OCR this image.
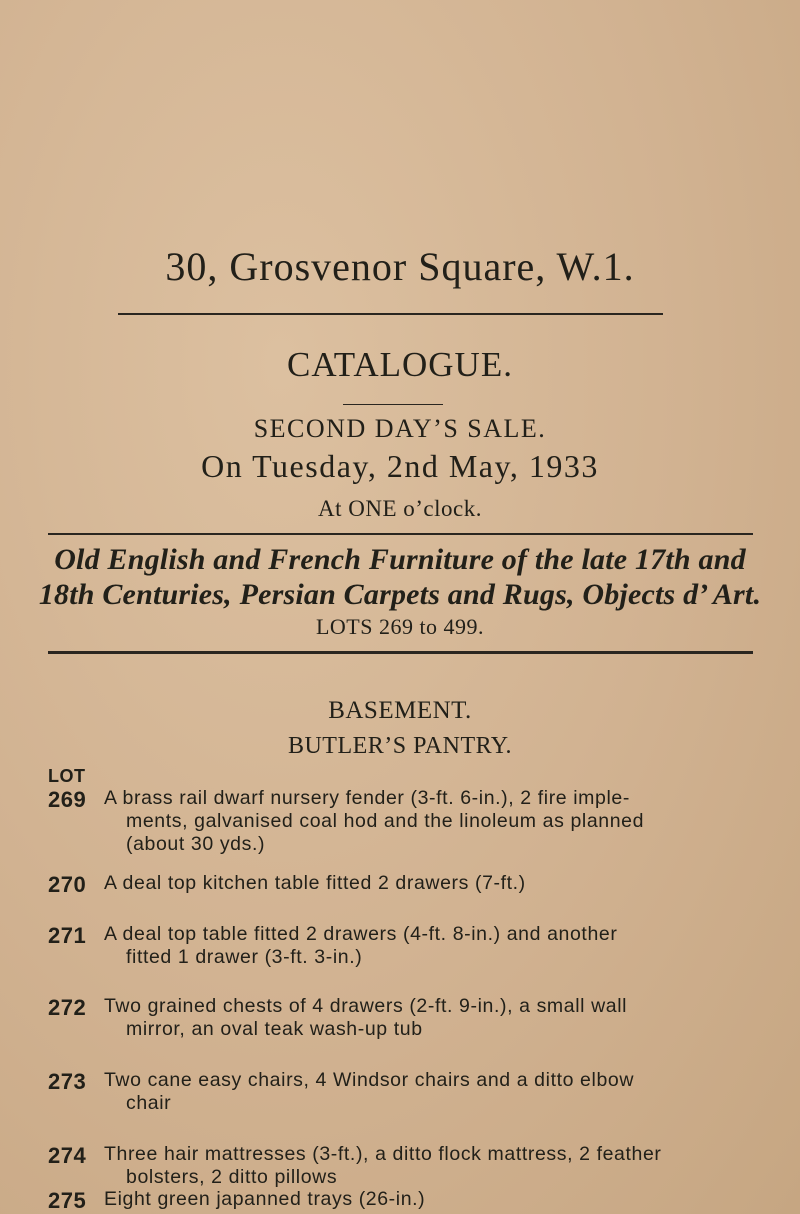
30, Grosvenor Square, W.1.
CATALOGUE.
SECOND DAY’S SALE.
On Tuesday, 2nd May, 1933
At ONE o’clock.
Old English and French Furniture of the late 17th and
18th Centuries, Persian Carpets and Rugs, Objects d’ Art.
LOTS 269 to 499.
BASEMENT.
BUTLER’S PANTRY.
LOT
269 A brass rail dwarf nursery fender (3-ft. 6-in.), 2 fire imple-
ments, galvanised coal hod and the linoleum as planned
(about 30 yds.)
270 A deal top kitchen table fitted 2 drawers (7-ft.)
271 A deal top table fitted 2 drawers (4-ft. 8-in.) and another
fitted 1 drawer (3-ft. 3-in.)
272 Two grained chests of 4 drawers (2-ft. 9-in.), a small wall
mirror, an oval teak wash-up tub
273 Two cane easy chairs, 4 Windsor chairs and a ditto elbow
chair
274 Three hair mattresses (3-ft.), a ditto flock mattress, 2 feather
bolsters, 2 ditto pillows
275 Eight green japanned trays (26-in.)
